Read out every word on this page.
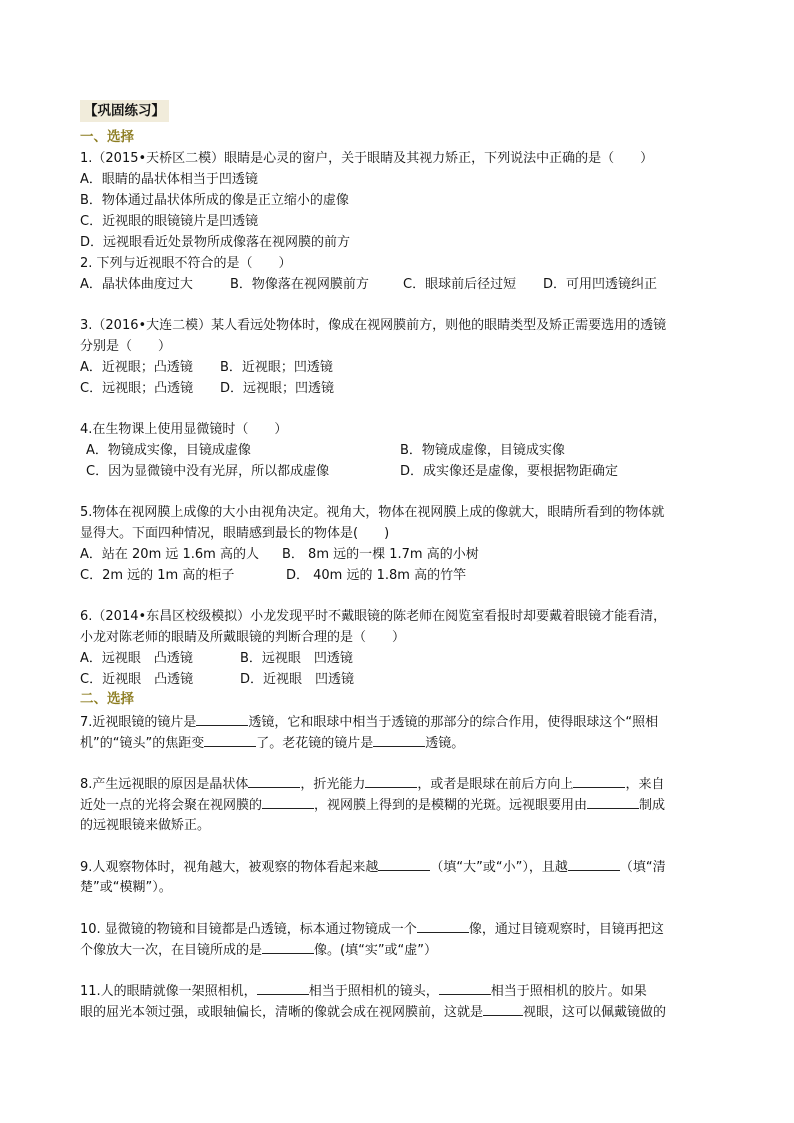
【巩固练习】
一、选择
1.（2015•天桥区二模）眼睛是心灵的窗户，关于眼睛及其视力矫正，下列说法中正确的是（　　）
A．眼睛的晶状体相当于凹透镜
B．物体通过晶状体所成的像是正立缩小的虚像
C．近视眼的眼镜镜片是凹透镜
D．远视眼看近处景物所成像落在视网膜的前方
2. 下列与近视眼不符合的是（　　）
A．晶状体曲度过大	B．物像落在视网膜前方	C．眼球前后径过短 D．可用凹透镜纠正
3.（2016•大连二模）某人看远处物体时，像成在视网膜前方，则他的眼睛类型及矫正需要选用的透镜
分别是（　　）
A．近视眼；凸透镜 B．近视眼；凹透镜
C．远视眼；凸透镜 D．远视眼；凹透镜
4.在生物课上使用显微镜时（　　）
A．物镜成实像，目镜成虚像	B．物镜成虚像，目镜成实像
C．因为显微镜中没有光屏，所以都成虚像	D．成实像还是虚像，要根据物距确定
5.物体在视网膜上成像的大小由视角决定。视角大，物体在视网膜上成的像就大，眼睛所看到的物体就
显得大。下面四种情况，眼睛感到最长的物体是(　　)
A．站在 20m 远 1.6m 高的人 B． 8m 远的一棵 1.7m 高的小树
C．2m 远的 1m 高的柜子	D． 40m 远的 1.8m 高的竹竿
6.（2014•东昌区校级模拟）小龙发现平时不戴眼镜的陈老师在阅览室看报时却要戴着眼镜才能看清，
小龙对陈老师的眼睛及所戴眼镜的判断合理的是（　　）
A．远视眼　凸透镜	B．远视眼　凹透镜
C．近视眼　凸透镜	D．近视眼　凹透镜
二、选择
7.近视眼镜的镜片是	透镜，它和眼球中相当于透镜的那部分的综合作用，使得眼球这个“照相
机”的“镜头”的焦距变	了。老花镜的镜片是	透镜。
8.产生远视眼的原因是晶状体	，折光能力	，或者是眼球在前后方向上	，来自
近处一点的光将会聚在视网膜的	，视网膜上得到的是模糊的光斑。远视眼要用由	制成
的远视眼镜来做矫正。
9.人观察物体时，视角越大，被观察的物体看起来越	（填“大”或“小”），且越	（填“清
楚”或“模糊”）。
10. 显微镜的物镜和目镜都是凸透镜，标本通过物镜成一个	像，通过目镜观察时，目镜再把这
个像放大一次，在目镜所成的是	像。(填“实”或“虚”）
11.人的眼睛就像一架照相机，	相当于照相机的镜头，	相当于照相机的胶片。如果
眼的屈光本领过强，或眼轴偏长，清晰的像就会成在视网膜前，这就是	视眼，这可以佩戴镜做的
